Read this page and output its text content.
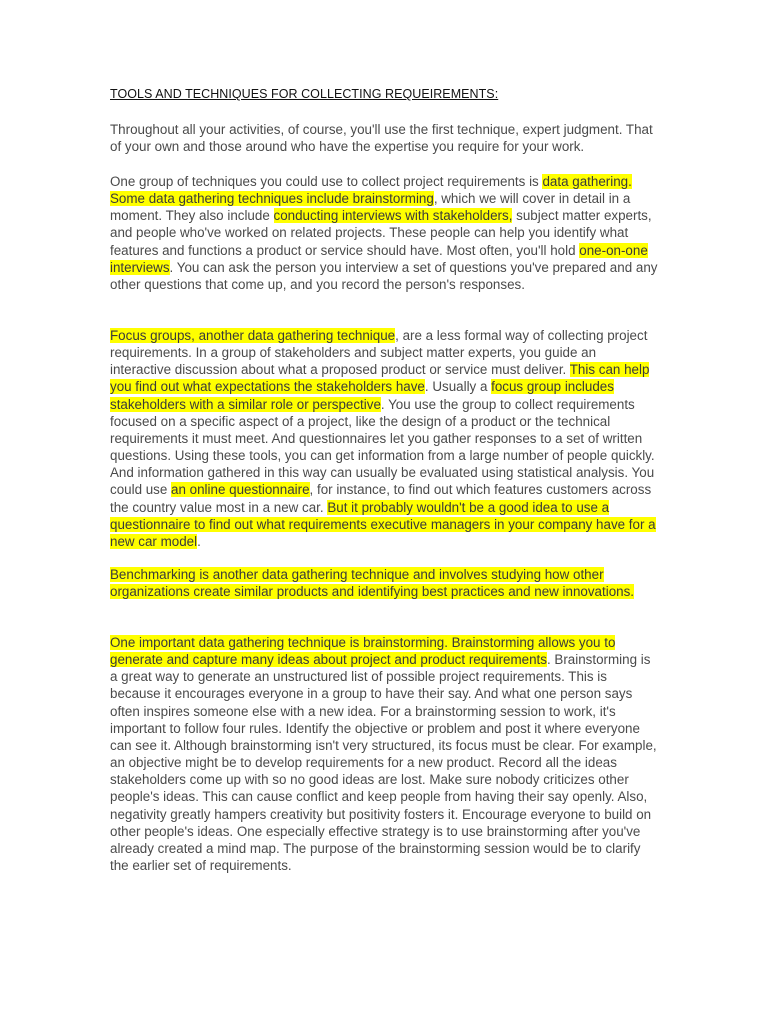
TOOLS AND TECHNIQUES FOR COLLECTING REQUEIREMENTS:

Throughout all your activities, of course, you'll use the first technique, expert judgment. That of your own and those around who have the expertise you require for your work.

One group of techniques you could use to collect project requirements is data gathering. Some data gathering techniques include brainstorming, which we will cover in detail in a moment. They also include conducting interviews with stakeholders, subject matter experts, and people who've worked on related projects. These people can help you identify what features and functions a product or service should have. Most often, you'll hold one-on-one interviews. You can ask the person you interview a set of questions you've prepared and any other questions that come up, and you record the person's responses.

Focus groups, another data gathering technique, are a less formal way of collecting project requirements. In a group of stakeholders and subject matter experts, you guide an interactive discussion about what a proposed product or service must deliver. This can help you find out what expectations the stakeholders have. Usually a focus group includes stakeholders with a similar role or perspective. You use the group to collect requirements focused on a specific aspect of a project, like the design of a product or the technical requirements it must meet. And questionnaires let you gather responses to a set of written questions. Using these tools, you can get information from a large number of people quickly. And information gathered in this way can usually be evaluated using statistical analysis. You could use an online questionnaire, for instance, to find out which features customers across the country value most in a new car. But it probably wouldn't be a good idea to use a questionnaire to find out what requirements executive managers in your company have for a new car model.

Benchmarking is another data gathering technique and involves studying how other organizations create similar products and identifying best practices and new innovations.

One important data gathering technique is brainstorming. Brainstorming allows you to generate and capture many ideas about project and product requirements. Brainstorming is a great way to generate an unstructured list of possible project requirements. This is because it encourages everyone in a group to have their say. And what one person says often inspires someone else with a new idea. For a brainstorming session to work, it's important to follow four rules. Identify the objective or problem and post it where everyone can see it. Although brainstorming isn't very structured, its focus must be clear. For example, an objective might be to develop requirements for a new product. Record all the ideas stakeholders come up with so no good ideas are lost. Make sure nobody criticizes other people's ideas. This can cause conflict and keep people from having their say openly. Also, negativity greatly hampers creativity but positivity fosters it. Encourage everyone to build on other people's ideas. One especially effective strategy is to use brainstorming after you've already created a mind map. The purpose of the brainstorming session would be to clarify the earlier set of requirements.
